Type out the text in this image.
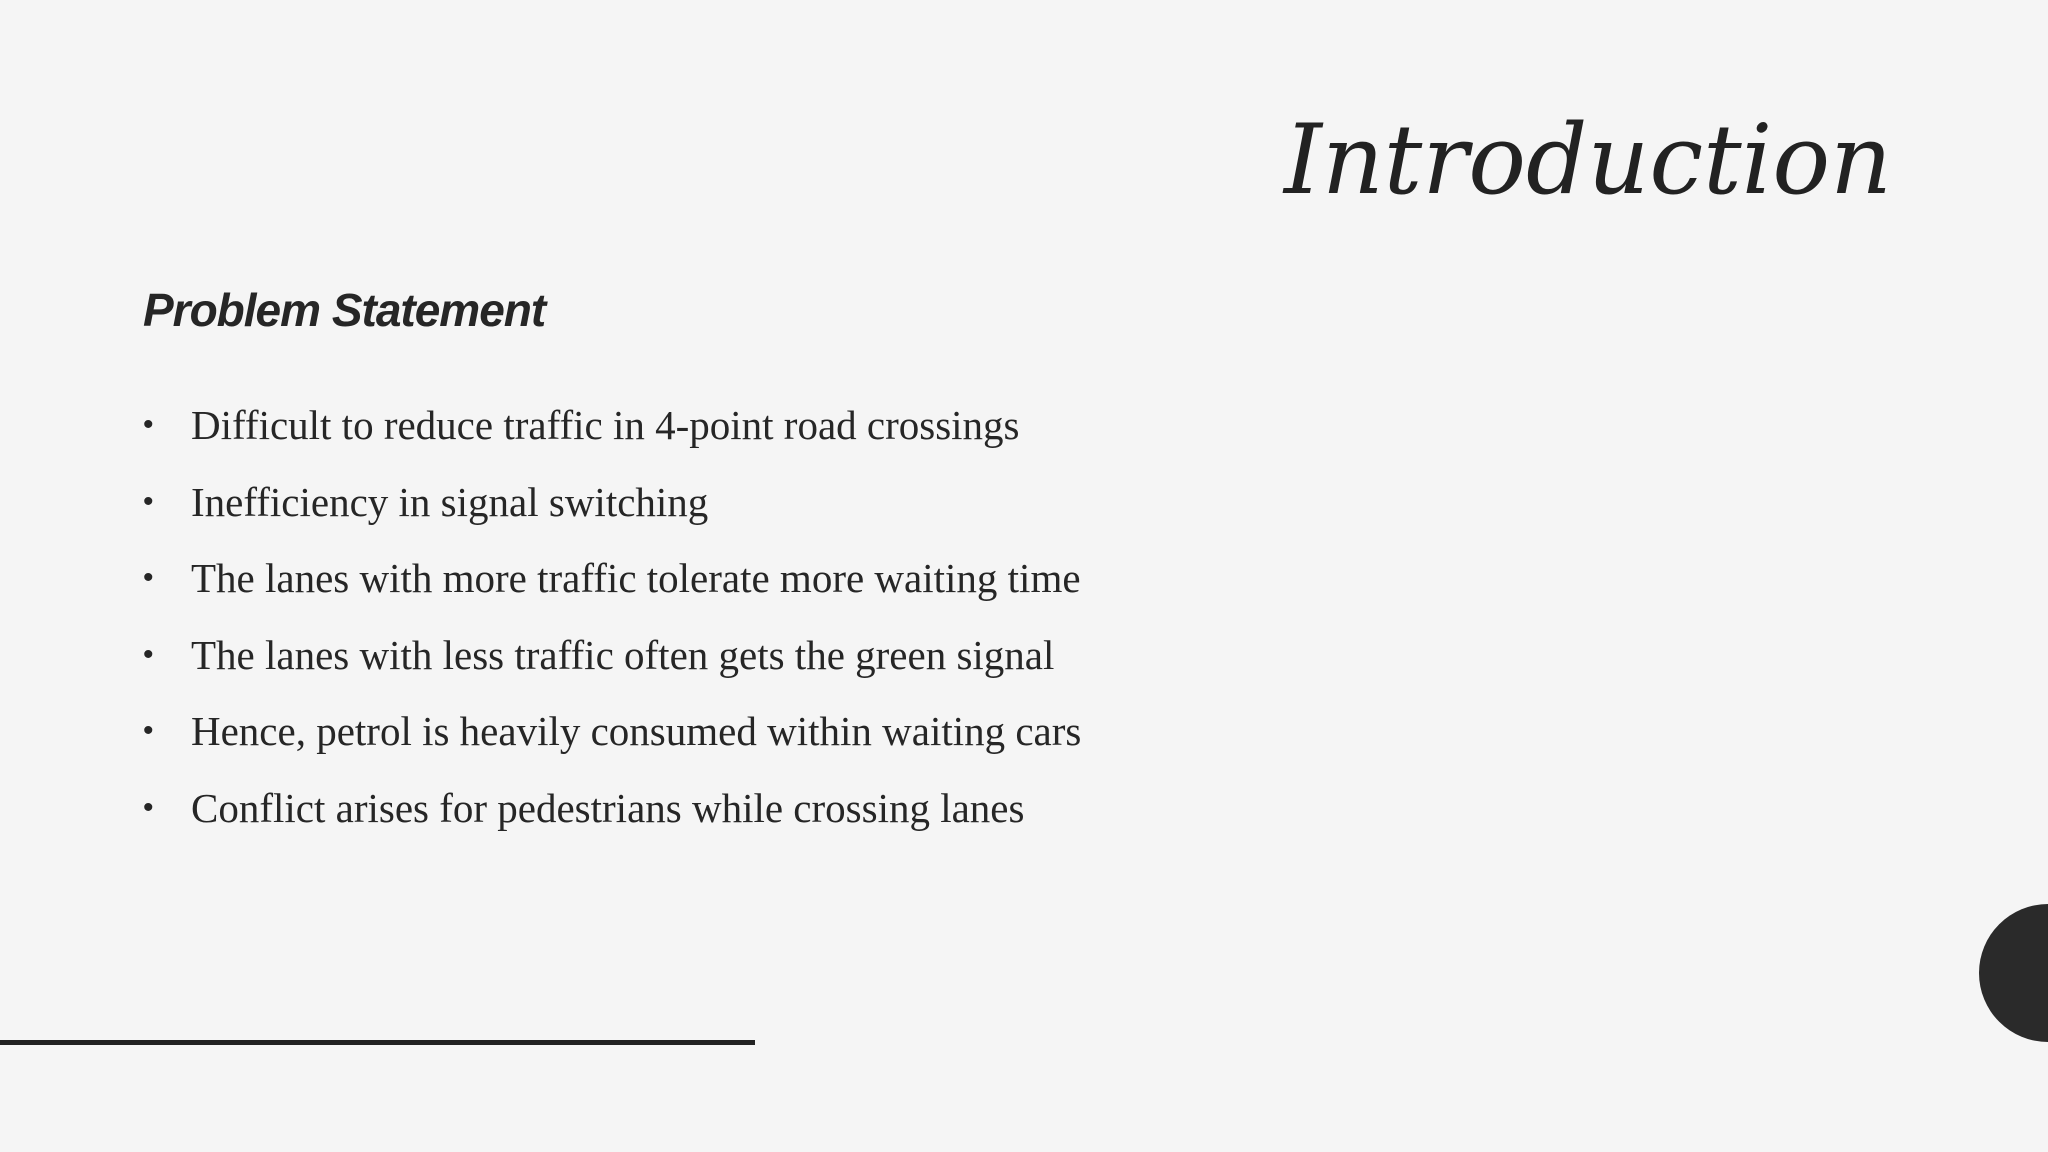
Introduction
Problem Statement
• Difficult to reduce traffic in 4-point road crossings
• Inefficiency in signal switching
• The lanes with more traffic tolerate more waiting time
• The lanes with less traffic often gets the green signal
• Hence, petrol is heavily consumed within waiting cars
• Conflict arises for pedestrians while crossing lanes
